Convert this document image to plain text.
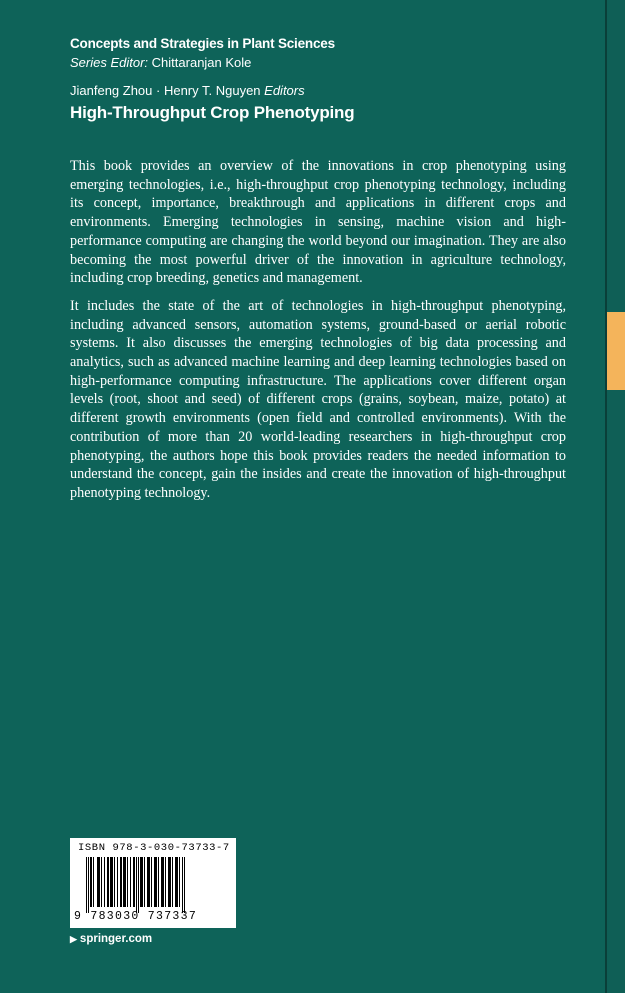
Concepts and Strategies in Plant Sciences
Series Editor: Chittaranjan Kole
Jianfeng Zhou · Henry T. Nguyen Editors
High-Throughput Crop Phenotyping

This book provides an overview of the innovations in crop phenotyping using emerging technologies, i.e., high-throughput crop phenotyping technology, including its concept, importance, breakthrough and applications in different crops and environments. Emerging technologies in sensing, machine vision and high-performance computing are changing the world beyond our imagination. They are also becoming the most powerful driver of the innovation in agriculture technology, including crop breeding, genetics and management.

It includes the state of the art of technologies in high-throughput phenotyping, including advanced sensors, automation systems, ground-based or aerial robotic systems. It also discusses the emerging technologies of big data processing and analytics, such as advanced machine learning and deep learning technologies based on high-performance computing infrastructure. The applications cover different organ levels (root, shoot and seed) of different crops (grains, soybean, maize, potato) at different growth environments (open field and controlled environments). With the contribution of more than 20 world-leading researchers in high-throughput crop phenotyping, the authors hope this book provides readers the needed information to understand the concept, gain the insides and create the innovation of high-throughput phenotyping technology.

ISBN 978-3-030-73733-7
9 783030 737337
▶ springer.com
